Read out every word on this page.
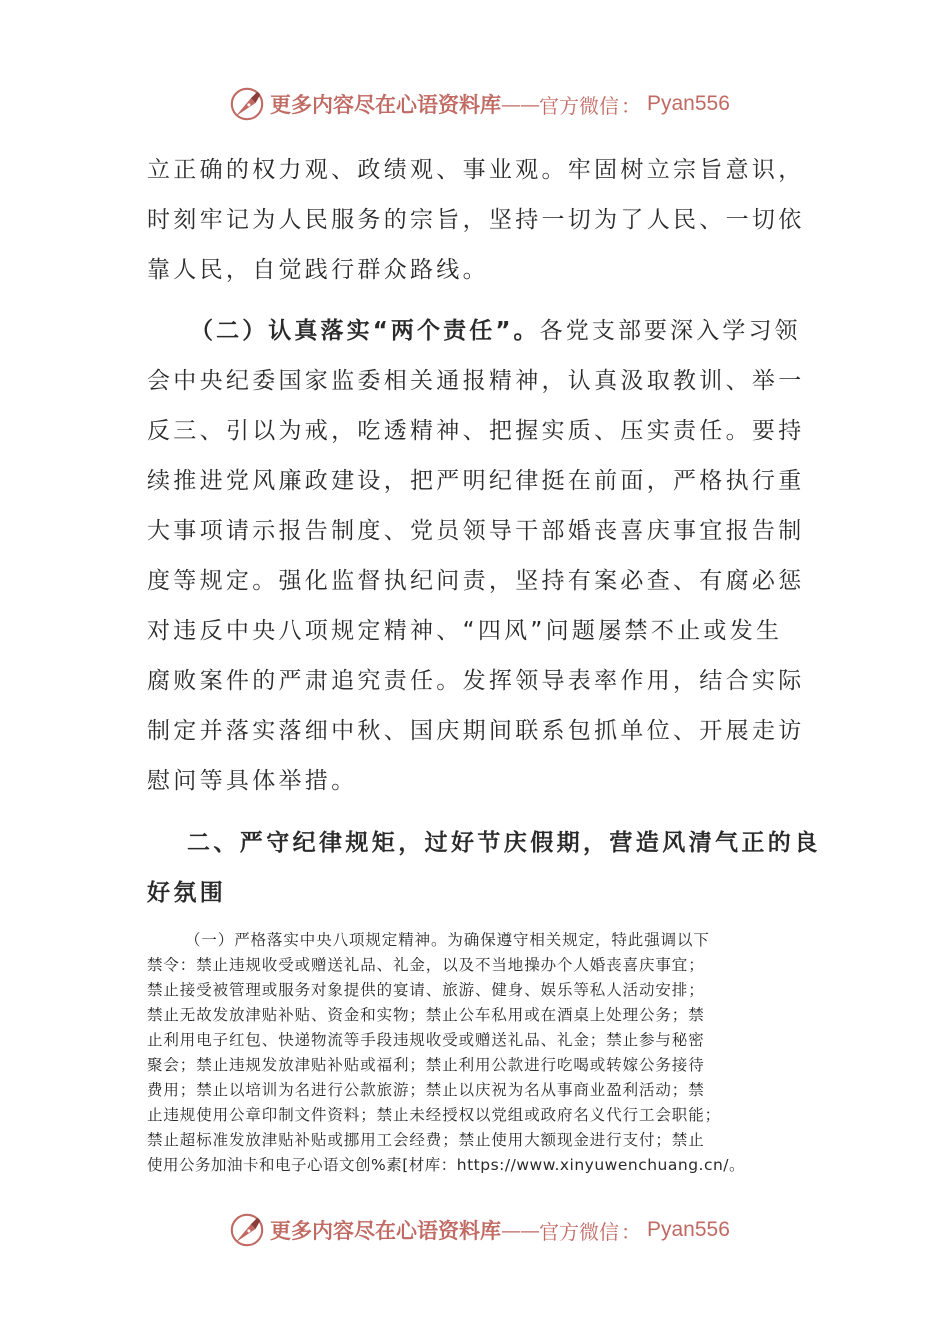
更多内容尽在心语资料库 —— 官方微信 ： Pyan556
立正确的权力观、政绩观、事业观。牢固树立宗旨意识，
时刻牢记为人民服务的宗旨，坚持一切为了人民、一切依
靠人民，自觉践行群众路线。
（二）认真落实“两个责任”。各党支部要深入学习领
会中央纪委国家监委相关通报精神，认真汲取教训、举一
反三、引以为戒，吃透精神、把握实质、压实责任。要持
续推进党风廉政建设，把严明纪律挺在前面，严格执行重
大事项请示报告制度、党员领导干部婚丧喜庆事宜报告制
度等规定。强化监督执纪问责，坚持有案必查、有腐必惩
对违反中央八项规定精神、“四风”问题屡禁不止或发生
腐败案件的严肃追究责任。发挥领导表率作用，结合实际
制定并落实落细中秋、国庆期间联系包抓单位、开展走访
慰问等具体举措。
二、严守纪律规矩，过好节庆假期，营造风清气正的良
好氛围
（一）严格落实中央八项规定精神。为确保遵守相关规定，特此强调以下
禁令：禁止违规收受或赠送礼品、礼金，以及不当地操办个人婚丧喜庆事宜；
禁止接受被管理或服务对象提供的宴请、旅游、健身、娱乐等私人活动安排；
禁止无故发放津贴补贴、资金和实物；禁止公车私用或在酒桌上处理公务；禁
止利用电子红包、快递物流等手段违规收受或赠送礼品、礼金；禁止参与秘密
聚会；禁止违规发放津贴补贴或福利；禁止利用公款进行吃喝或转嫁公务接待
费用；禁止以培训为名进行公款旅游；禁止以庆祝为名从事商业盈利活动；禁
止违规使用公章印制文件资料；禁止未经授权以党组或政府名义代行工会职能；
禁止超标准发放津贴补贴或挪用工会经费；禁止使用大额现金进行支付；禁止
使用公务加油卡和电子心语文创%素[材库：https://www.xinyuwenchuang.cn/。
更多内容尽在心语资料库 —— 官方微信 ： Pyan556
